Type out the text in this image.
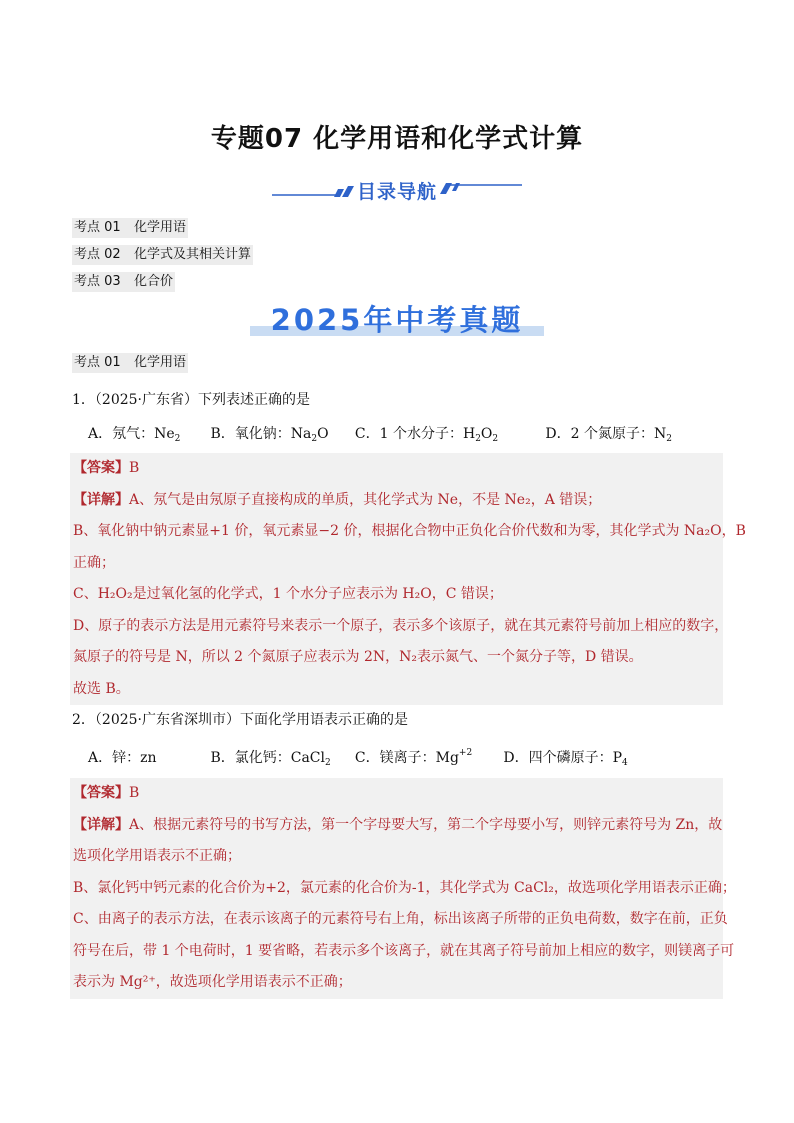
专题07 化学用语和化学式计算
目录导航
考点 01 化学用语
考点 02 化学式及其相关计算
考点 03 化合价
2025年中考真题
考点 01 化学用语
1．（2025·广东省）下列表述正确的是
A．氖气：$Ne_2$ B．氧化钠：$Na_2O$ C．1 个水分子：$H_2O_2$	D．2 个氮原子：$N_2$
【答案】B
【详解】A、氖气是由氖原子直接构成的单质，其化学式为 Ne，不是 Ne₂，A 错误；
B、氧化钠中钠元素显+1 价，氧元素显−2 价，根据化合物中正负化合价代数和为零，其化学式为 Na₂O，B
正确；
C、H₂O₂是过氧化氢的化学式，1 个水分子应表示为 H₂O，C 错误；
D、原子的表示方法是用元素符号来表示一个原子，表示多个该原子，就在其元素符号前加上相应的数字，
氮原子的符号是 N，所以 2 个氮原子应表示为 2N，N₂表示氮气、一个氮分子等，D 错误。
故选 B。
2．（2025·广东省深圳市）下面化学用语表示正确的是
A．锌：zn	B．氯化钙：CaCl$_2$ C．镁离子：$Mg^{+2}$ D．四个磷原子：$P_4$
【答案】B
【详解】A、根据元素符号的书写方法，第一个字母要大写，第二个字母要小写，则锌元素符号为 Zn，故
选项化学用语表示不正确；
B、氯化钙中钙元素的化合价为+2，氯元素的化合价为-1，其化学式为 CaCl₂，故选项化学用语表示正确；
C、由离子的表示方法，在表示该离子的元素符号右上角，标出该离子所带的正负电荷数，数字在前，正负
符号在后，带 1 个电荷时，1 要省略，若表示多个该离子，就在其离子符号前加上相应的数字，则镁离子可
表示为 Mg²⁺，故选项化学用语表示不正确；
